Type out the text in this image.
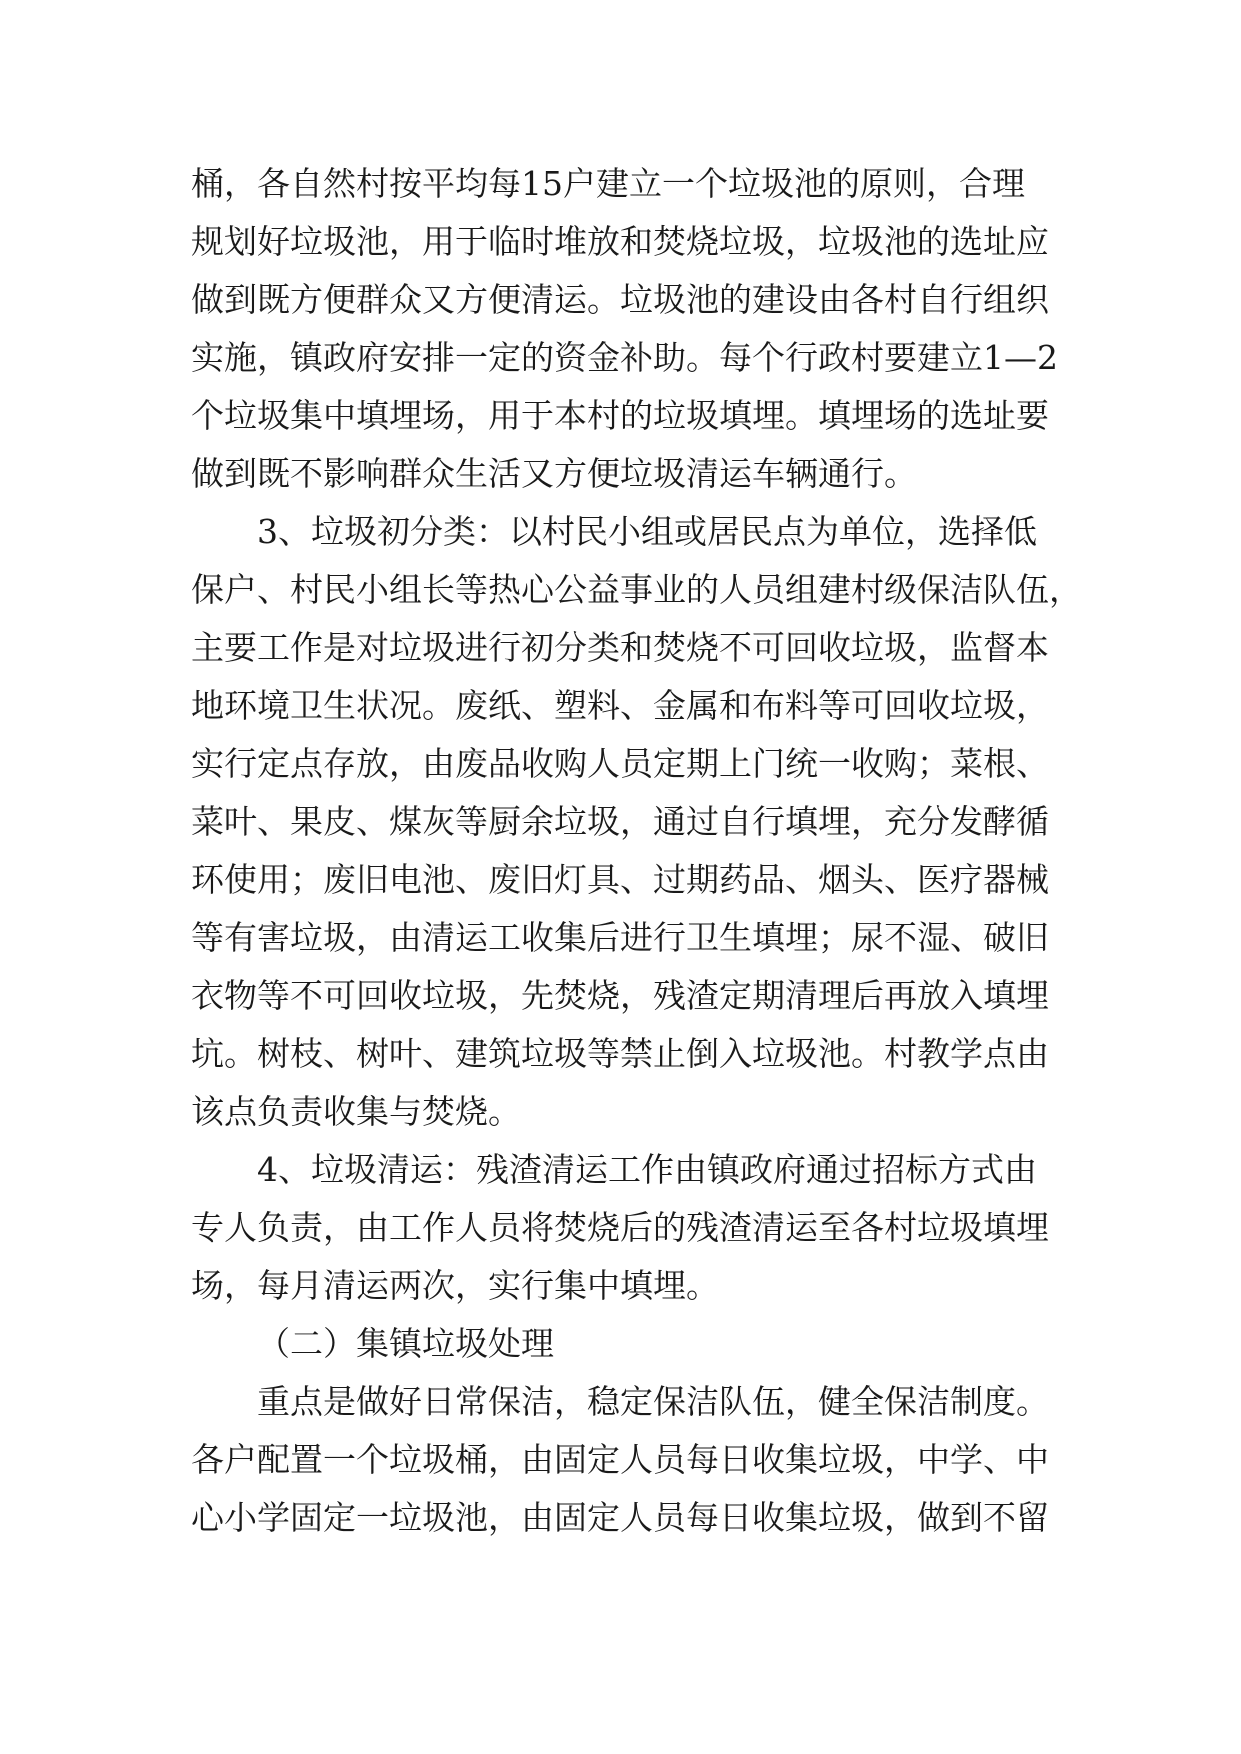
桶，各自然村按平均每15户建立一个垃圾池的原则，合理
规划好垃圾池，用于临时堆放和焚烧垃圾，垃圾池的选址应
做到既方便群众又方便清运。垃圾池的建设由各村自行组织
实施，镇政府安排一定的资金补助。每个行政村要建立1—2
个垃圾集中填埋场，用于本村的垃圾填埋。填埋场的选址要
做到既不影响群众生活又方便垃圾清运车辆通行。
3、垃圾初分类：以村民小组或居民点为单位，选择低
保户、村民小组长等热心公益事业的人员组建村级保洁队伍，
主要工作是对垃圾进行初分类和焚烧不可回收垃圾，监督本
地环境卫生状况。废纸、塑料、金属和布料等可回收垃圾，
实行定点存放，由废品收购人员定期上门统一收购；菜根、
菜叶、果皮、煤灰等厨余垃圾，通过自行填埋，充分发酵循
环使用；废旧电池、废旧灯具、过期药品、烟头、医疗器械
等有害垃圾，由清运工收集后进行卫生填埋；尿不湿、破旧
衣物等不可回收垃圾，先焚烧，残渣定期清理后再放入填埋
坑。树枝、树叶、建筑垃圾等禁止倒入垃圾池。村教学点由
该点负责收集与焚烧。
4、垃圾清运：残渣清运工作由镇政府通过招标方式由
专人负责，由工作人员将焚烧后的残渣清运至各村垃圾填埋
场，每月清运两次，实行集中填埋。
（二）集镇垃圾处理
重点是做好日常保洁，稳定保洁队伍，健全保洁制度。
各户配置一个垃圾桶，由固定人员每日收集垃圾，中学、中
心小学固定一垃圾池，由固定人员每日收集垃圾，做到不留
